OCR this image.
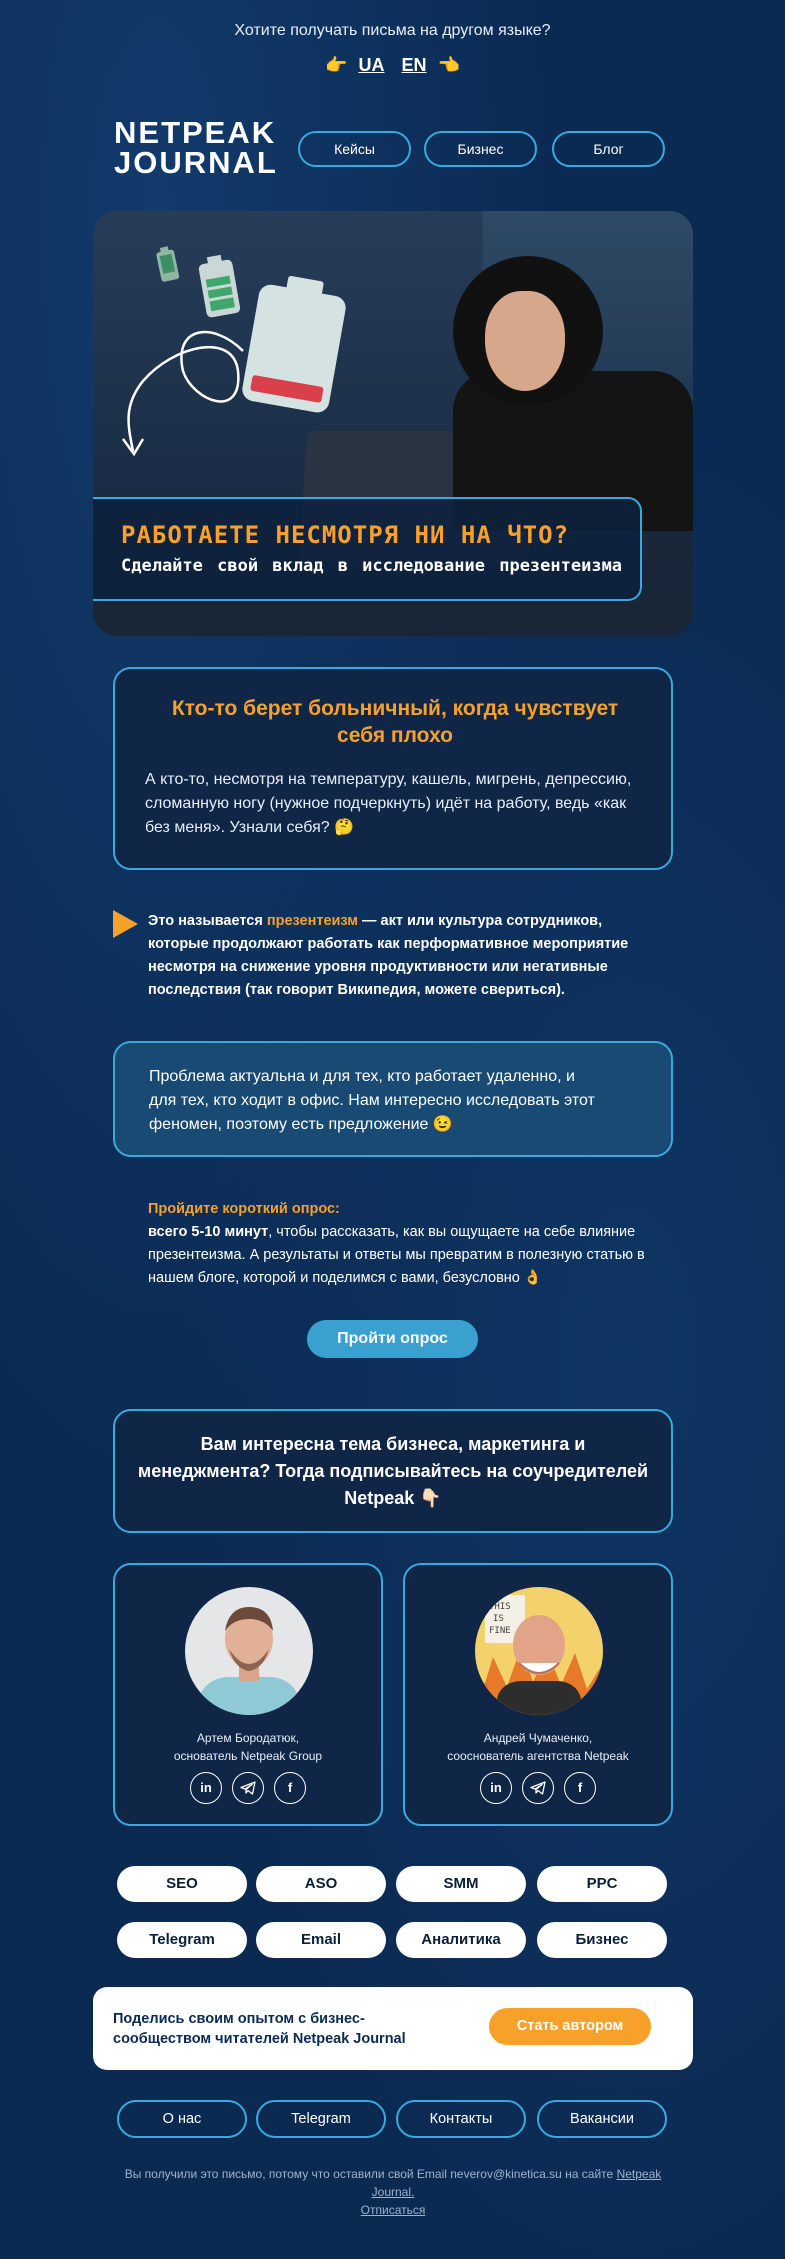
Хотите получать письма на другом языке?
👉 UA EN 👈
NETPEAK
JOURNAL	Кейсы	Бизнес	Блог
РАБОТАЕТЕ НЕСМОТРЯ НИ НА ЧТО?
Сделайте свой вклад в исследование презентеизма
Кто-то берет больничный, когда чувствует себя плохо

А кто-то, несмотря на температуру, кашель, мигрень, депрессию, сломанную ногу (нужное подчеркнуть) идёт на работу, ведь «как без меня». Узнали себя? 🤔

Это называется презентеизм — акт или культура сотрудников, которые продолжают работать как перформативное мероприятие несмотря на снижение уровня продуктивности или негативные последствия (так говорит Википедия, можете свериться).

Проблема актуальна и для тех, кто работает удаленно, и для тех, кто ходит в офис. Нам интересно исследовать этот феномен, поэтому есть предложение 😉

Пройдите короткий опрос:
всего 5-10 минут, чтобы рассказать, как вы ощущаете на себе влияние презентеизма. А результаты и ответы мы превратим в полезную статью в нашем блоге, которой и поделимся с вами, безусловно 👌
Пройти опрос

Вам интересна тема бизнеса, маркетинга и менеджмента? Тогда подписывайтесь на соучредителей Netpeak 👇🏻

Артем Бородатюк,
основатель Netpeak Group
in	f
THIS
IS
FINE
Андрей Чумаченко,
сооснователь агентства Netpeak
in	f
SEO	ASO	SMM	PPC
Telegram	Email	Аналитика	Бизнес
Поделись своим опытом с бизнес-сообществом читателей Netpeak Journal
Стать автором
О нас	Telegram	Контакты	Вакансии
Вы получили это письмо, потому что оставили свой Email neverov@kinetica.su на сайте Netpeak Journal.
Отписаться
